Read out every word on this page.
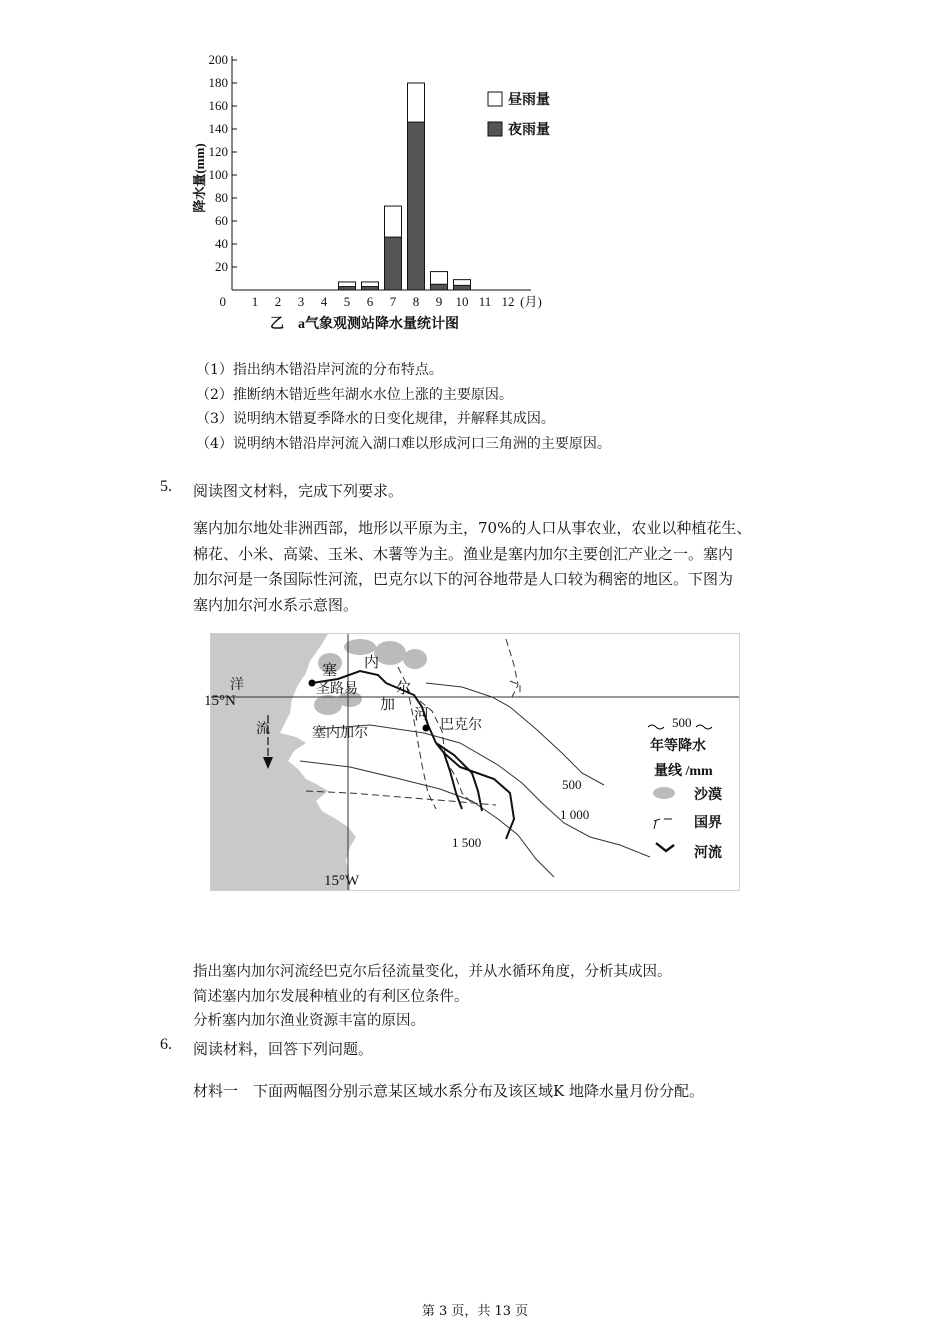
20
40
60
80
100
120
140
160
180
200
降水量(mm)
0 1 2 3 4 5 6 7 8 9 10 11 12 (月)
昼雨量
夜雨量
乙　a气象观测站降水量统计图
（1）指出纳木错沿岸河流的分布特点。
（2）推断纳木错近些年湖水水位上涨的主要原因。
（3）说明纳木错夏季降水的日变化规律，并解释其成因。
（4）说明纳木错沿岸河流入湖口难以形成河口三角洲的主要原因。
5. 阅读图文材料，完成下列要求。
塞内加尔地处非洲西部，地形以平原为主，70%的人口从事农业，农业以种植花生、
棉花、小米、高粱、玉米、木薯等为主。渔业是塞内加尔主要创汇产业之一。塞内
加尔河是一条国际性河流，巴克尔以下的河谷地带是人口较为稠密的地区。下图为
塞内加尔河水系示意图。
15°N
15°W
洋
流
塞 内
加
尔
河
圣路易
巴克尔
塞内加尔
500
1 000
1 500
500
年等降水
量线 /mm
沙漠
国界
河流
指出塞内加尔河流经巴克尔后径流量变化，并从水循环角度，分析其成因。
简述塞内加尔发展种植业的有利区位条件。
分析塞内加尔渔业资源丰富的原因。
6. 阅读材料，回答下列问题。
材料一　下面两幅图分别示意某区域水系分布及该区域K 地降水量月份分配。
第 3 页，共 13 页
